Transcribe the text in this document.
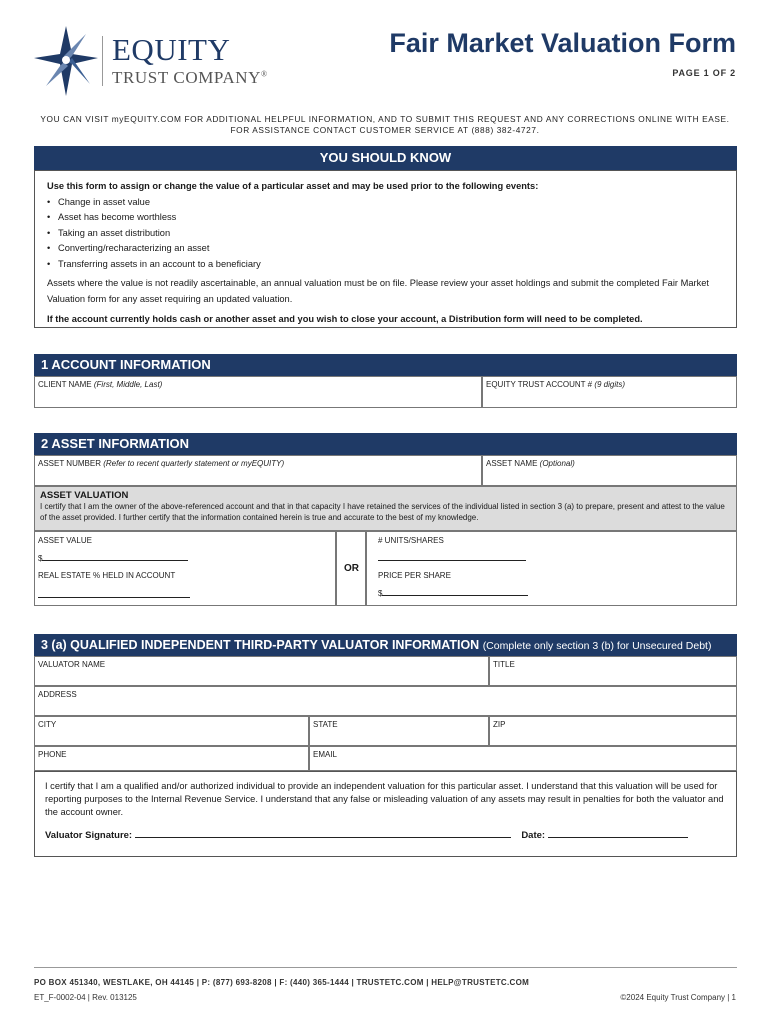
EQUITY
TRUST COMPANY®
Fair Market Valuation Form
PAGE 1 OF 2
YOU CAN VISIT myEQUITY.COM FOR ADDITIONAL HELPFUL INFORMATION, AND TO SUBMIT THIS REQUEST AND ANY CORRECTIONS ONLINE WITH EASE.
FOR ASSISTANCE CONTACT CUSTOMER SERVICE AT (888) 382-4727.
YOU SHOULD KNOW
Use this form to assign or change the value of a particular asset and may be used prior to the following events:
• Change in asset value
• Asset has become worthless
• Taking an asset distribution
• Converting/recharacterizing an asset
• Transferring assets in an account to a beneficiary

Assets where the value is not readily ascertainable, an annual valuation must be on file. Please review your asset holdings and submit the completed Fair Market Valuation form for any asset requiring an updated valuation.

If the account currently holds cash or another asset and you wish to close your account, a Distribution form will need to be completed.

1 ACCOUNT INFORMATION
CLIENT NAME (First, Middle, Last)	EQUITY TRUST ACCOUNT # (9 digits)
2 ASSET INFORMATION
ASSET NUMBER (Refer to recent quarterly statement or myEQUITY)	ASSET NAME (Optional)
ASSET VALUATION
I certify that I am the owner of the above-referenced account and that in that capacity I have retained the services of the individual listed in section 3 (a) to prepare, present and attest to the value of the asset provided. I further certify that the information contained herein is true and accurate to the best of my knowledge.
ASSET VALUE
$
REAL ESTATE % HELD IN ACCOUNT
OR
# UNITS/SHARES
PRICE PER SHARE
$
3 (a) QUALIFIED INDEPENDENT THIRD-PARTY VALUATOR INFORMATION (Complete only section 3 (b) for Unsecured Debt)
VALUATOR NAME	TITLE
ADDRESS
CITY	STATE	ZIP
PHONE	EMAIL
I certify that I am a qualified and/or authorized individual to provide an independent valuation for this particular asset. I understand that this valuation will be used for reporting purposes to the Internal Revenue Service. I understand that any false or misleading valuation of any assets may result in penalties for both the valuator and the account owner.
Valuator Signature:	Date:
PO BOX 451340, WESTLAKE, OH 44145 | P: (877) 693-8208 | F: (440) 365-1444 | TRUSTETC.COM | HELP@TRUSTETC.COM
ET_F-0002-04 | Rev. 013125	©2024 Equity Trust Company | 1
